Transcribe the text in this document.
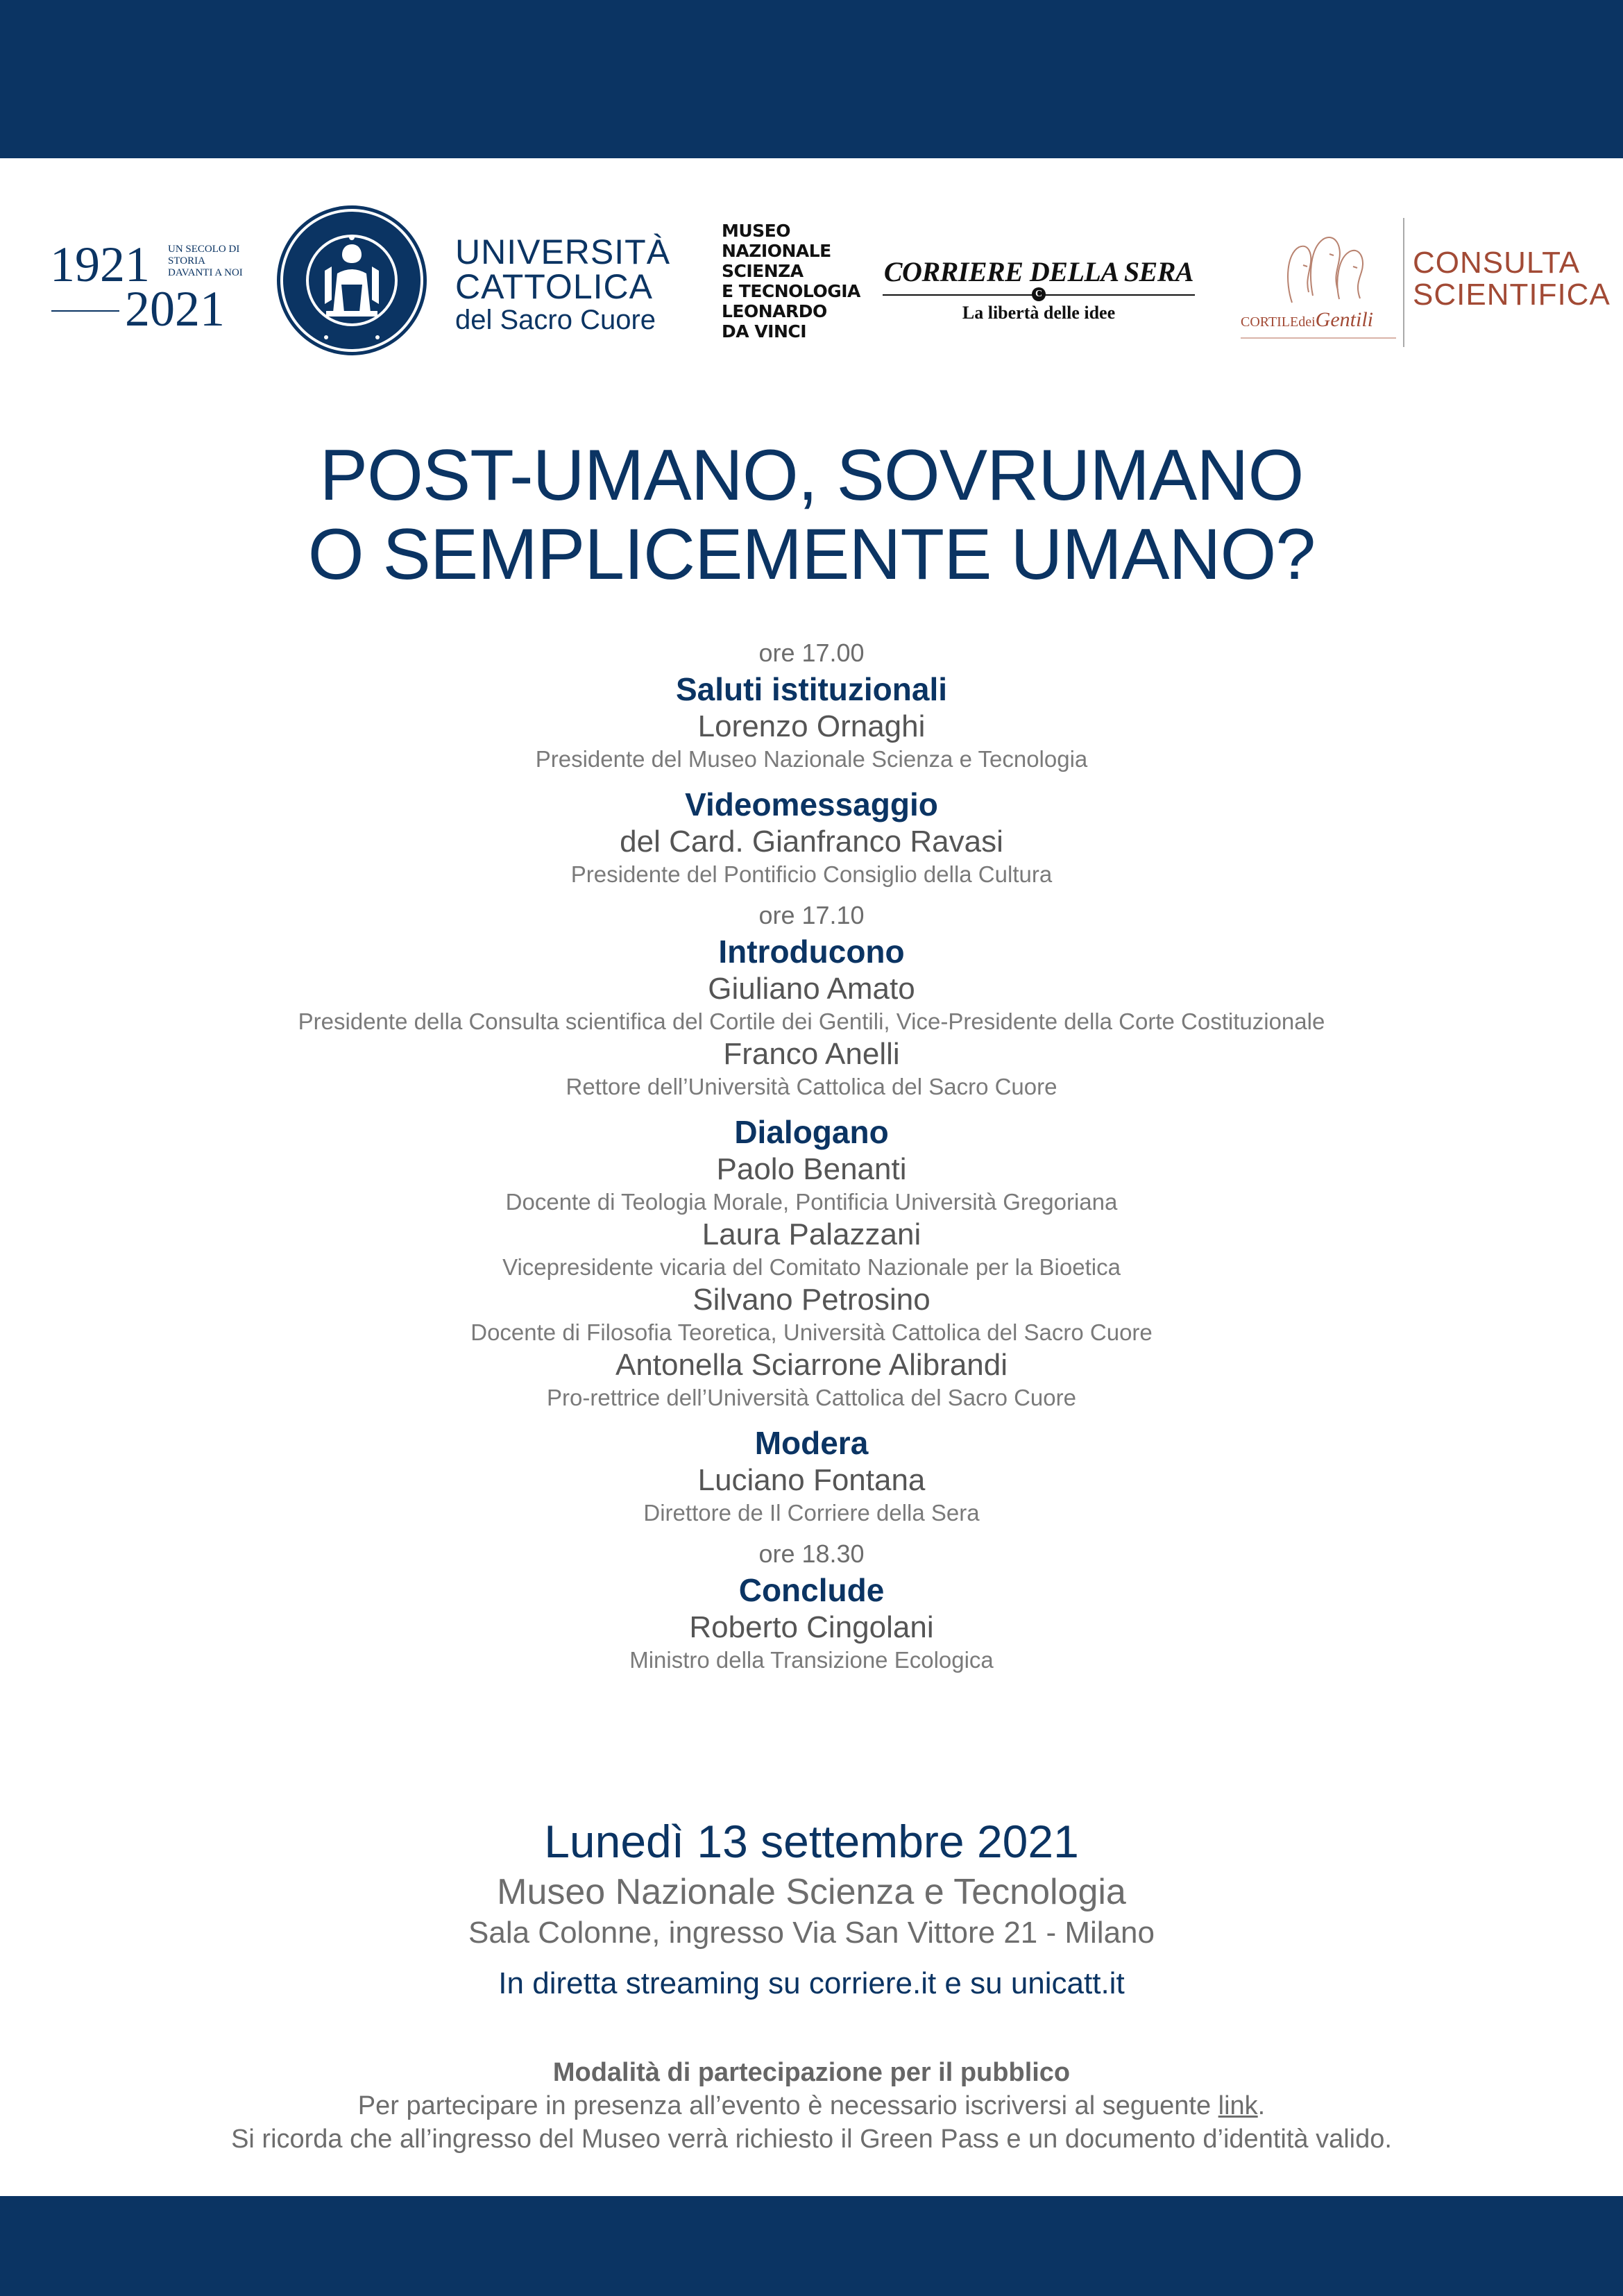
1921
2021
UN SECOLO DI STORIA DAVANTI A NOI
UNIVERSITÀ
CATTOLICA
del Sacro Cuore
MUSEO
NAZIONALE
SCIENZA
E TECNOLOGIA
LEONARDO
DA VINCI
CORRIERE DELLA SERA
C
La libertà delle idee	CORTILEdeiGentili
CONSULTA
SCIENTIFICA
POST-UMANO, SOVRUMANO
O SEMPLICEMENTE UMANO?
ore 17.00
Saluti istituzionali
Lorenzo Ornaghi
Presidente del Museo Nazionale Scienza e Tecnologia
Videomessaggio
del Card. Gianfranco Ravasi
Presidente del Pontificio Consiglio della Cultura
ore 17.10
Introducono
Giuliano Amato
Presidente della Consulta scientifica del Cortile dei Gentili, Vice-Presidente della Corte Costituzionale
Franco Anelli
Rettore dell’Università Cattolica del Sacro Cuore
Dialogano
Paolo Benanti
Docente di Teologia Morale, Pontificia Università Gregoriana
Laura Palazzani
Vicepresidente vicaria del Comitato Nazionale per la Bioetica
Silvano Petrosino
Docente di Filosofia Teoretica, Università Cattolica del Sacro Cuore
Antonella Sciarrone Alibrandi
Pro-rettrice dell’Università Cattolica del Sacro Cuore
Modera
Luciano Fontana
Direttore de Il Corriere della Sera
ore 18.30
Conclude
Roberto Cingolani
Ministro della Transizione Ecologica
Lunedì 13 settembre 2021
Museo Nazionale Scienza e Tecnologia
Sala Colonne, ingresso Via San Vittore 21 - Milano
In diretta streaming su corriere.it e su unicatt.it
Modalità di partecipazione per il pubblico
Per partecipare in presenza all’evento è necessario iscriversi al seguente link.
Si ricorda che all’ingresso del Museo verrà richiesto il Green Pass e un documento d’identità valido.
